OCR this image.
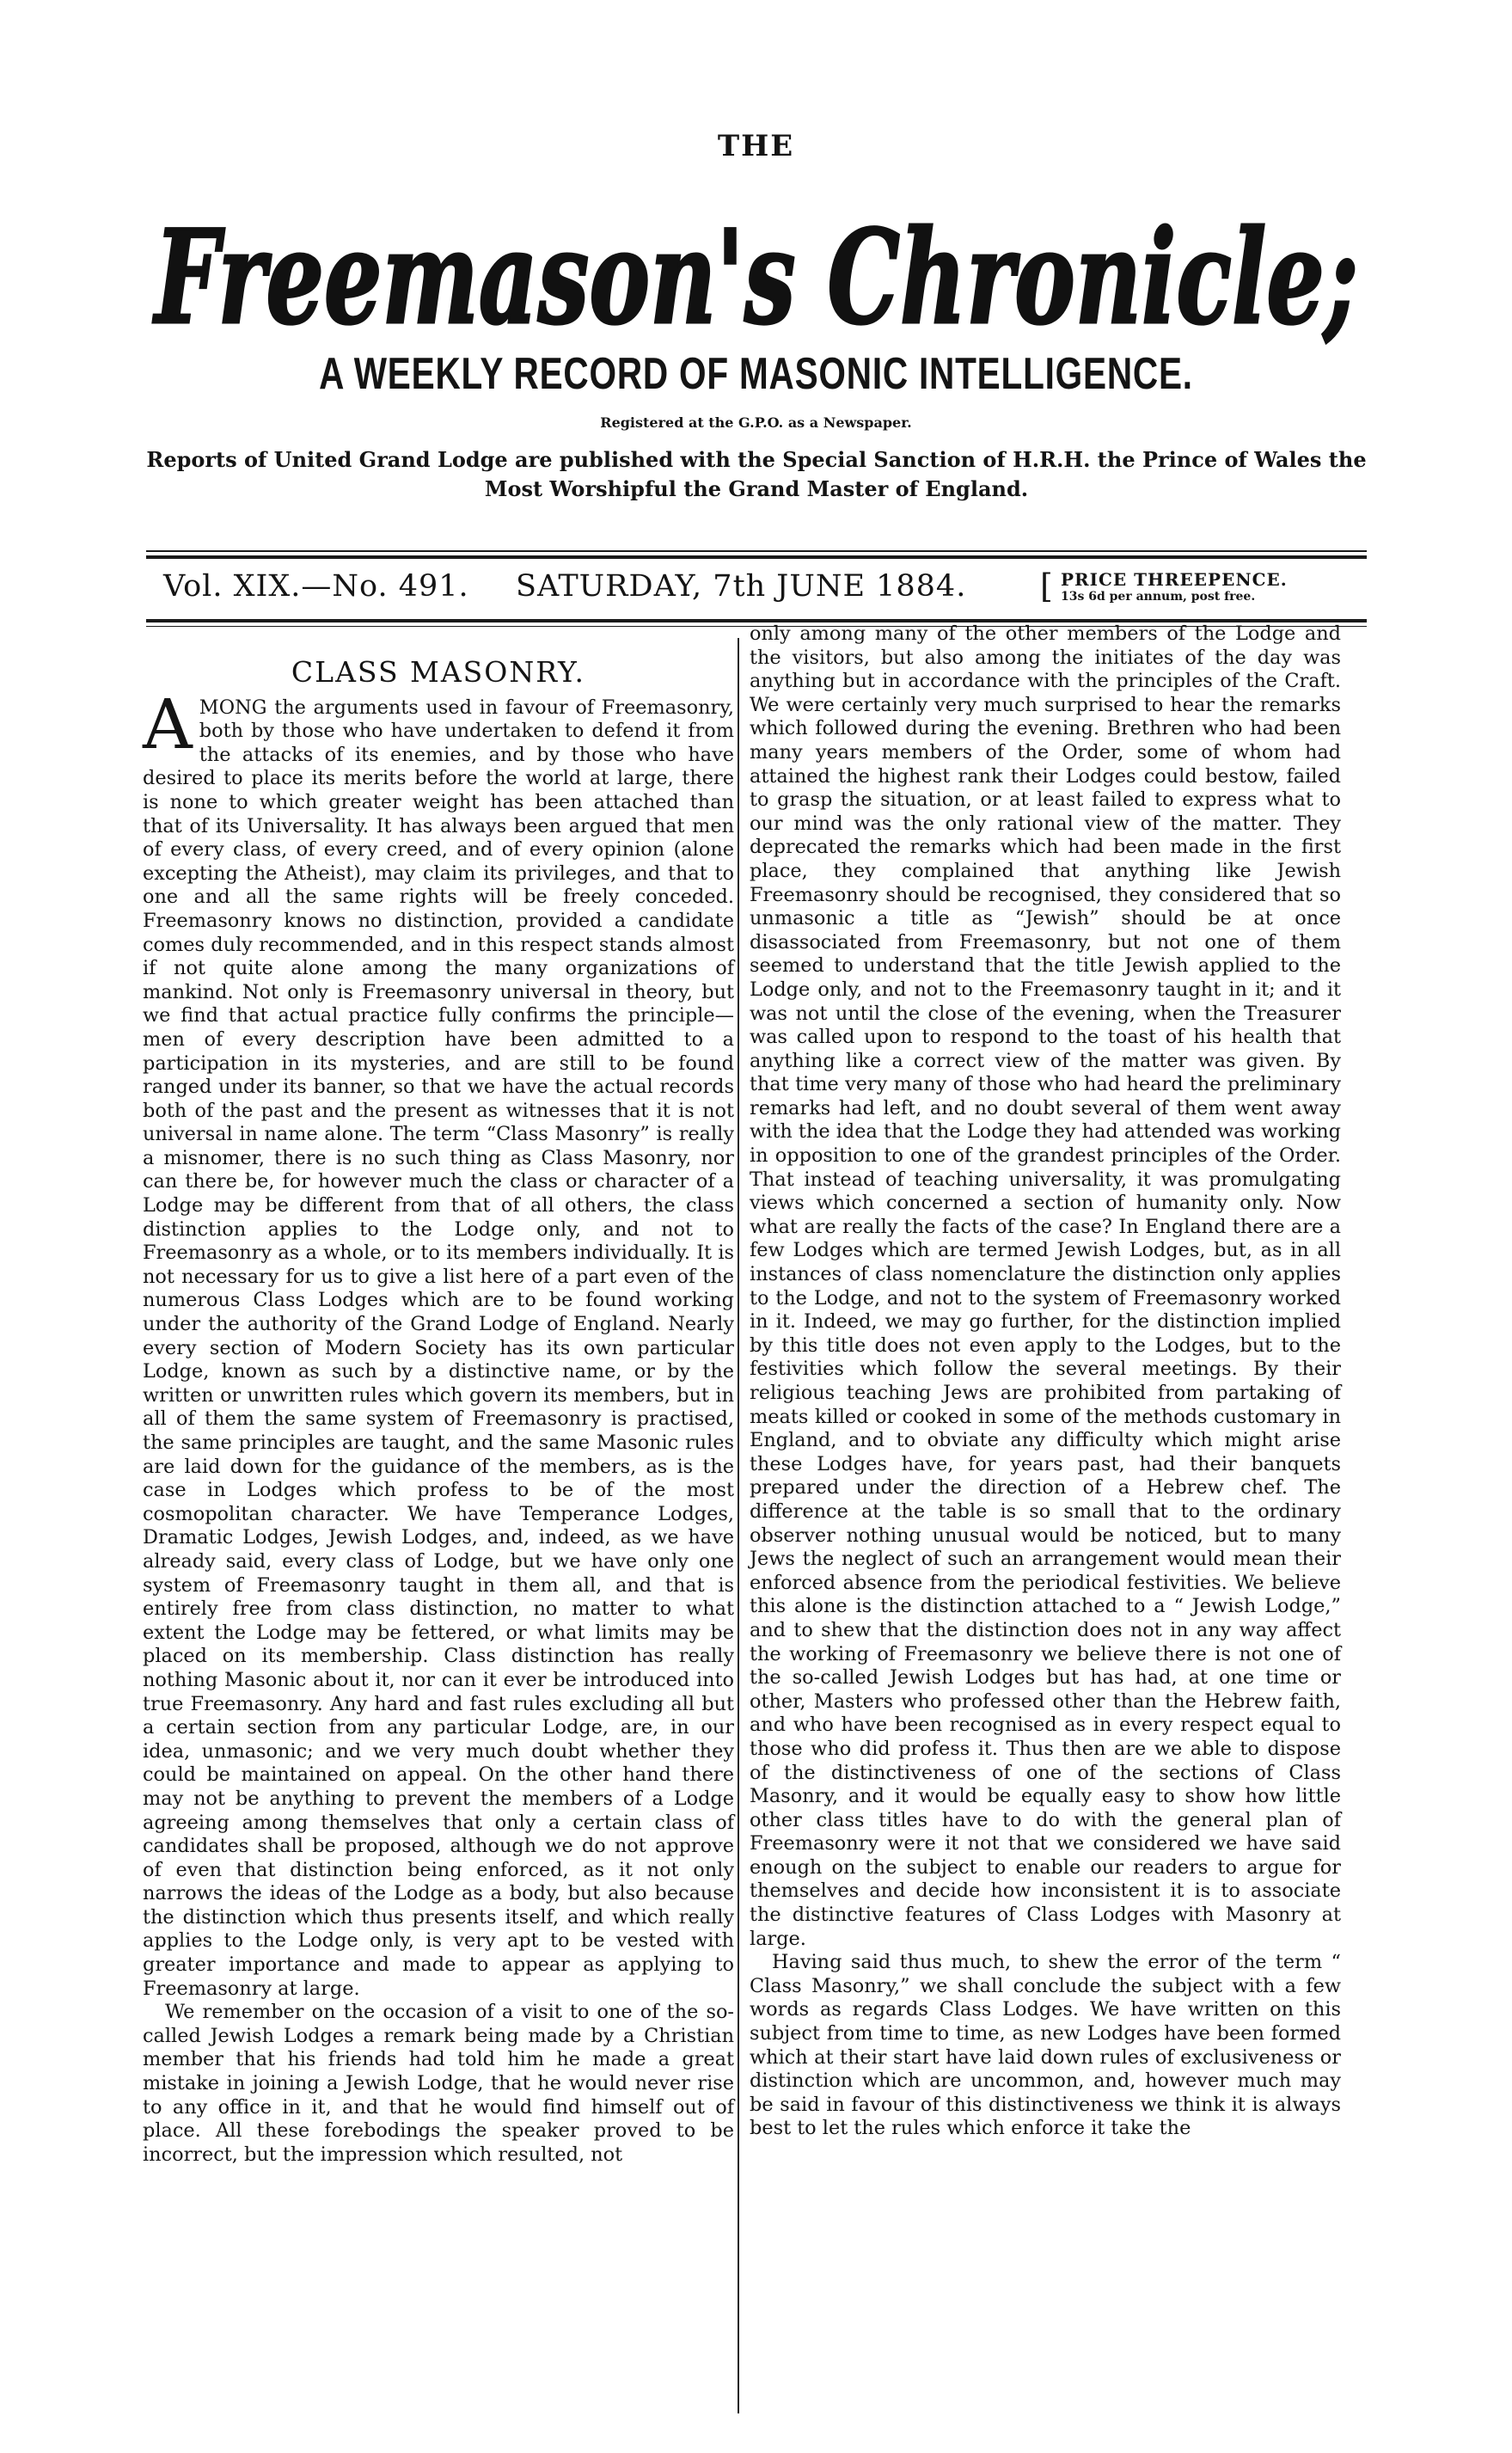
THE
Freemason's Chronicle;
A WEEKLY RECORD OF MASONIC INTELLIGENCE.
Registered at the G.P.O. as a Newspaper.
Reports of United Grand Lodge are published with the Special Sanction of H.R.H. the Prince of Wales the Most Worshipful the Grand Master of England.
Vol. XIX.—No. 491. SATURDAY, 7th JUNE 1884. [ PRICE THREEPENCE.
13s 6d per annum, post free.
CLASS MASONRY.

A MONG the arguments used in favour of Freemasonry, both by those who have undertaken to defend it from the attacks of its enemies, and by those who have desired to place its merits before the world at large, there is none to which greater weight has been attached than that of its Universality. It has always been argued that men of every class, of every creed, and of every opinion (alone excepting the Atheist), may claim its privileges, and that to one and all the same rights will be freely conceded. Freemasonry knows no distinction, provided a candidate comes duly recommended, and in this respect stands almost if not quite alone among the many organizations of mankind. Not only is Freemasonry universal in theory, but we find that actual practice fully confirms the principle—men of every description have been admitted to a participation in its mysteries, and are still to be found ranged under its banner, so that we have the actual records both of the past and the present as witnesses that it is not universal in name alone. The term “Class Masonry” is really a misnomer, there is no such thing as Class Masonry, nor can there be, for however much the class or character of a Lodge may be different from that of all others, the class distinction applies to the Lodge only, and not to Freemasonry as a whole, or to its members individually. It is not necessary for us to give a list here of a part even of the numerous Class Lodges which are to be found working under the authority of the Grand Lodge of England. Nearly every section of Modern Society has its own particular Lodge, known as such by a distinctive name, or by the written or unwritten rules which govern its members, but in all of them the same system of Freemasonry is practised, the same principles are taught, and the same Masonic rules are laid down for the guidance of the members, as is the case in Lodges which profess to be of the most cosmopolitan character. We have Temperance Lodges, Dramatic Lodges, Jewish Lodges, and, indeed, as we have already said, every class of Lodge, but we have only one system of Freemasonry taught in them all, and that is entirely free from class distinction, no matter to what extent the Lodge may be fettered, or what limits may be placed on its membership. Class distinction has really nothing Masonic about it, nor can it ever be introduced into true Freemasonry. Any hard and fast rules excluding all but a certain section from any particular Lodge, are, in our idea, unmasonic; and we very much doubt whether they could be maintained on appeal. On the other hand there may not be anything to prevent the members of a Lodge agreeing among themselves that only a certain class of candidates shall be proposed, although we do not approve of even that distinction being enforced, as it not only narrows the ideas of the Lodge as a body, but also because the distinction which thus presents itself, and which really applies to the Lodge only, is very apt to be vested with greater importance and made to appear as applying to Freemasonry at large.

We remember on the occasion of a visit to one of the so-called Jewish Lodges a remark being made by a Christian member that his friends had told him he made a great mistake in joining a Jewish Lodge, that he would never rise to any office in it, and that he would find himself out of place. All these forebodings the speaker proved to be incorrect, but the impression which resulted, not

only among many of the other members of the Lodge and the visitors, but also among the initiates of the day was anything but in accordance with the principles of the Craft. We were certainly very much surprised to hear the remarks which followed during the evening. Brethren who had been many years members of the Order, some of whom had attained the highest rank their Lodges could bestow, failed to grasp the situation, or at least failed to express what to our mind was the only rational view of the matter. They deprecated the remarks which had been made in the first place, they complained that anything like Jewish Freemasonry should be recognised, they considered that so unmasonic a title as “Jewish” should be at once disassociated from Freemasonry, but not one of them seemed to understand that the title Jewish applied to the Lodge only, and not to the Freemasonry taught in it; and it was not until the close of the evening, when the Treasurer was called upon to respond to the toast of his health that anything like a correct view of the matter was given. By that time very many of those who had heard the preliminary remarks had left, and no doubt several of them went away with the idea that the Lodge they had attended was working in opposition to one of the grandest principles of the Order. That instead of teaching universality, it was promulgating views which concerned a section of humanity only. Now what are really the facts of the case? In England there are a few Lodges which are termed Jewish Lodges, but, as in all instances of class nomenclature the distinction only applies to the Lodge, and not to the system of Freemasonry worked in it. Indeed, we may go further, for the distinction implied by this title does not even apply to the Lodges, but to the festivities which follow the several meetings. By their religious teaching Jews are prohibited from partaking of meats killed or cooked in some of the methods customary in England, and to obviate any difficulty which might arise these Lodges have, for years past, had their banquets prepared under the direction of a Hebrew chef. The difference at the table is so small that to the ordinary observer nothing unusual would be noticed, but to many Jews the neglect of such an arrangement would mean their enforced absence from the periodical festivities. We believe this alone is the distinction attached to a “ Jewish Lodge,” and to shew that the distinction does not in any way affect the working of Freemasonry we believe there is not one of the so-called Jewish Lodges but has had, at one time or other, Masters who professed other than the Hebrew faith, and who have been recognised as in every respect equal to those who did profess it. Thus then are we able to dispose of the distinctiveness of one of the sections of Class Masonry, and it would be equally easy to show how little other class titles have to do with the general plan of Freemasonry were it not that we considered we have said enough on the subject to enable our readers to argue for themselves and decide how inconsistent it is to associate the distinctive features of Class Lodges with Masonry at large.

Having said thus much, to shew the error of the term “ Class Masonry,” we shall conclude the subject with a few words as regards Class Lodges. We have written on this subject from time to time, as new Lodges have been formed which at their start have laid down rules of exclusiveness or distinction which are uncommon, and, however much may be said in favour of this distinctiveness we think it is always best to let the rules which enforce it take the
